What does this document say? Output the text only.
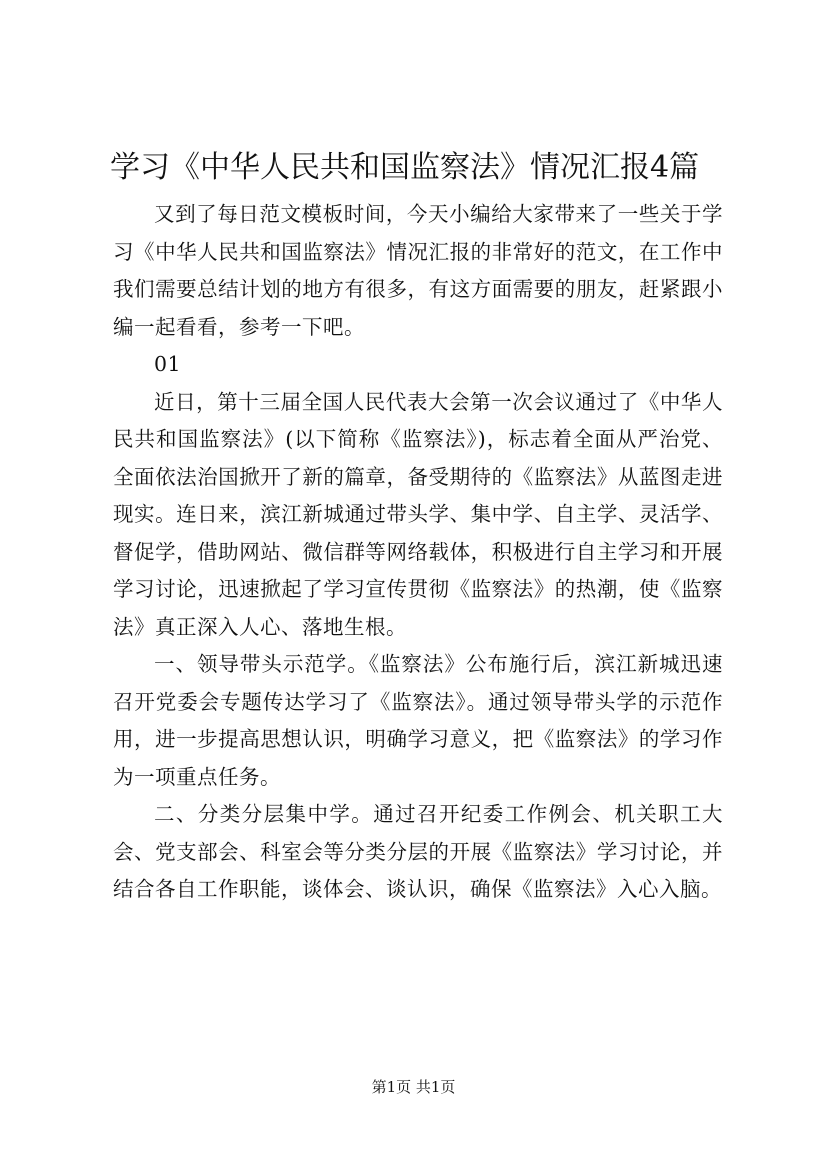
学习《中华人民共和国监察法》情况汇报4篇

又到了每日范文模板时间，今天小编给大家带来了一些关于学习《中华人民共和国监察法》情况汇报的非常好的范文，在工作中我们需要总结计划的地方有很多，有这方面需要的朋友，赶紧跟小编一起看看，参考一下吧。

01

近日，第十三届全国人民代表大会第一次会议通过了《中华人民共和国监察法》(以下简称《监察法》)，标志着全面从严治党、全面依法治国掀开了新的篇章，备受期待的《监察法》从蓝图走进现实。连日来，滨江新城通过带头学、集中学、自主学、灵活学、督促学，借助网站、微信群等网络载体，积极进行自主学习和开展学习讨论，迅速掀起了学习宣传贯彻《监察法》的热潮，使《监察法》真正深入人心、落地生根。

一、领导带头示范学。《监察法》公布施行后，滨江新城迅速召开党委会专题传达学习了《监察法》。通过领导带头学的示范作用，进一步提高思想认识，明确学习意义，把《监察法》的学习作为一项重点任务。

二、分类分层集中学。通过召开纪委工作例会、机关职工大会、党支部会、科室会等分类分层的开展《监察法》学习讨论，并结合各自工作职能，谈体会、谈认识，确保《监察法》入心入脑。

第1页 共1页
